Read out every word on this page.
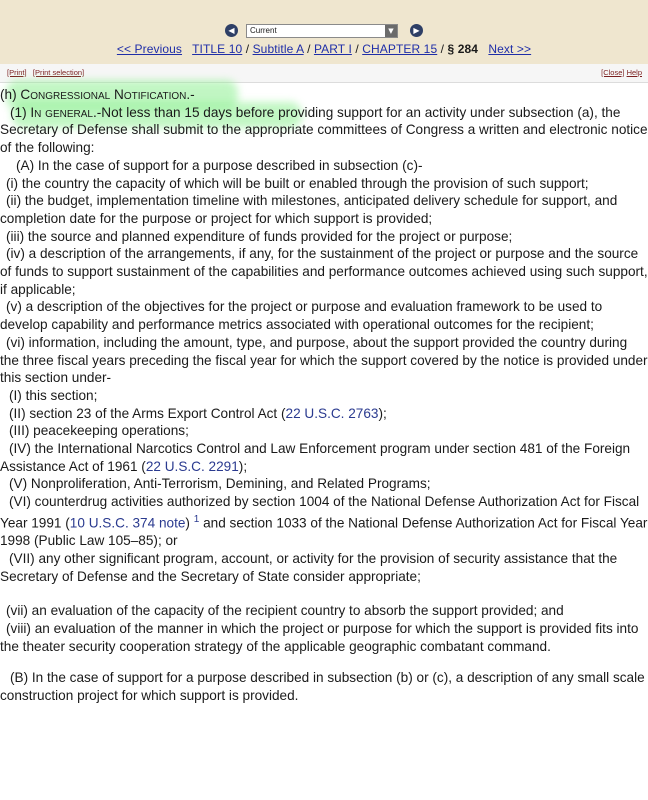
◀	Current	▼	▶
<< Previous TITLE 10 / Subtitle A / PART I / CHAPTER 15 / § 284 Next >>
[Print] [Print selection]	[Close] Help

(h) Congressional Notification.-

(1) In general.-Not less than 15 days before providing support for an activity under subsection (a), the Secretary of Defense shall submit to the appropriate committees of Congress a written and electronic notice of the following:

(A) In the case of support for a purpose described in subsection (c)-

(i) the country the capacity of which will be built or enabled through the provision of such support;

(ii) the budget, implementation timeline with milestones, anticipated delivery schedule for support, and completion date for the purpose or project for which support is provided;

(iii) the source and planned expenditure of funds provided for the project or purpose;

(iv) a description of the arrangements, if any, for the sustainment of the project or purpose and the source of funds to support sustainment of the capabilities and performance outcomes achieved using such support, if applicable;

(v) a description of the objectives for the project or purpose and evaluation framework to be used to develop capability and performance metrics associated with operational outcomes for the recipient;

(vi) information, including the amount, type, and purpose, about the support provided the country during the three fiscal years preceding the fiscal year for which the support covered by the notice is provided under this section under-

(I) this section;

(II) section 23 of the Arms Export Control Act (22 U.S.C. 2763);

(III) peacekeeping operations;

(IV) the International Narcotics Control and Law Enforcement program under section 481 of the Foreign Assistance Act of 1961 (22 U.S.C. 2291);

(V) Nonproliferation, Anti-Terrorism, Demining, and Related Programs;

(VI) counterdrug activities authorized by section 1004 of the National Defense Authorization Act for Fiscal Year 1991 (10 U.S.C. 374 note) $^1$ and section 1033 of the National Defense Authorization Act for Fiscal Year 1998 (Public Law 105–85); or

(VII) any other significant program, account, or activity for the provision of security assistance that the Secretary of Defense and the Secretary of State consider appropriate;

(vii) an evaluation of the capacity of the recipient country to absorb the support provided; and

(viii) an evaluation of the manner in which the project or purpose for which the support is provided fits into the theater security cooperation strategy of the applicable geographic combatant command.

(B) In the case of support for a purpose described in subsection (b) or (c), a description of any small scale construction project for which support is provided.
